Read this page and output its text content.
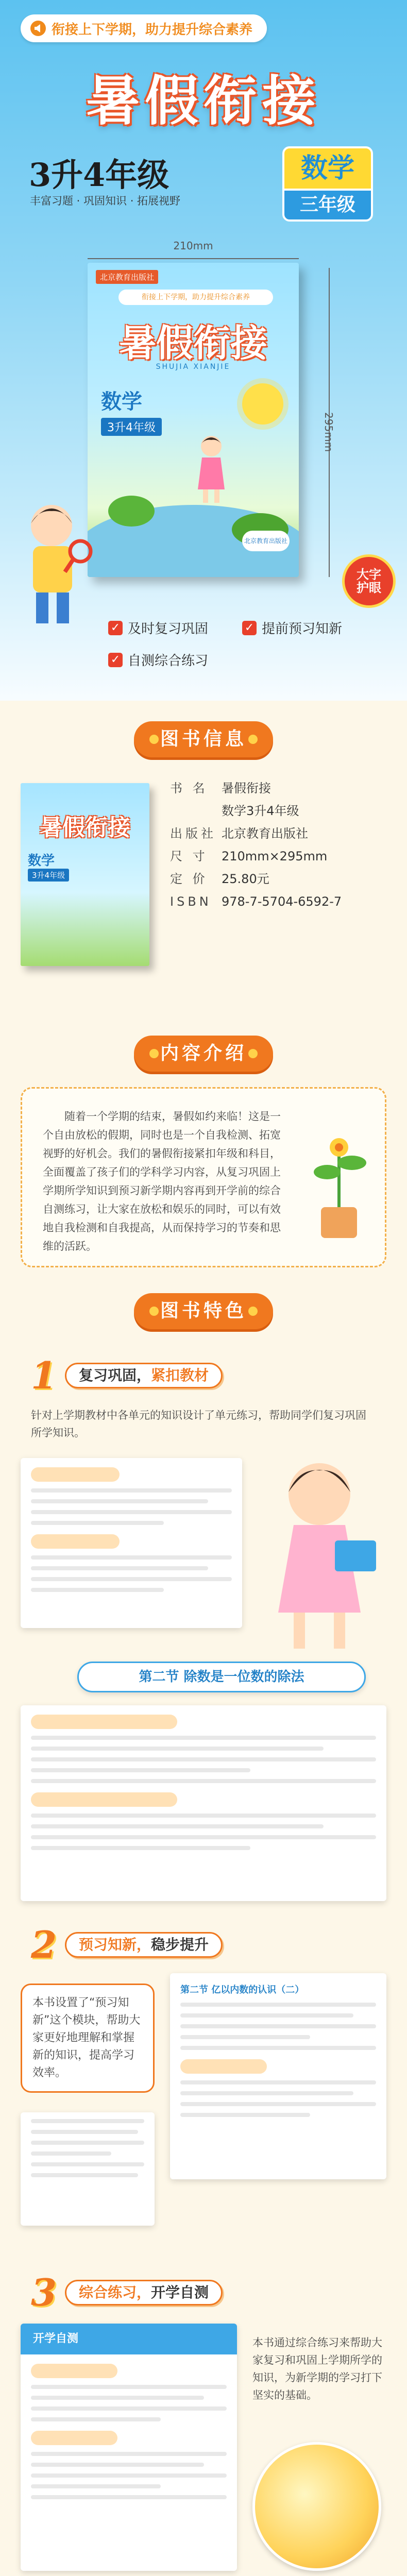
衔接上下学期，助力提升综合素养
暑假衔接
3升4年级
丰富习题 · 巩固知识 · 拓展视野
数学
三年级
210mm
295mm
北京教育出版社
衔接上下学期，助力提升综合素养
暑假衔接
SHUJIA XIANJIE
数学
3升4年级
北京教育出版社
大字护眼
✓ 及时复习巩固	✓ 提前预习知新
✓ 自测综合练习
图书信息
暑假衔接
数学
3升4年级
书 名	暑假衔接
数学3升4年级
出版社 北京教育出版社
尺 寸	210mm×295mm
定 价	25.80元
ISBN 978-7-5704-6592-7
内容介绍

随着一个学期的结束，暑假如约来临！这是一个自由放松的假期，同时也是一个自我检测、拓宽视野的好机会。我们的暑假衔接紧扣年级和科目，全面覆盖了孩子们的学科学习内容，从复习巩固上学期所学知识到预习新学期内容再到开学前的综合自测练习，让大家在放松和娱乐的同时，可以有效地自我检测和自我提高，从而保持学习的节奏和思维的活跃。

图书特色
1	复习巩固，紧扣教材
针对上学期教材中各单元的知识设计了单元练习，帮助同学们复习巩固所学知识。
第二节 除数是一位数的除法
2	预习知新，稳步提升
本书设置了“预习知新”这个模块，帮助大家更好地理解和掌握新的知识，提高学习效率。
第二节 亿以内数的认识（二）
3	综合练习，开学自测
开学自测	本书通过综合练习来帮助大家复习和巩固上学期所学的知识，为新学期的学习打下坚实的基础。
